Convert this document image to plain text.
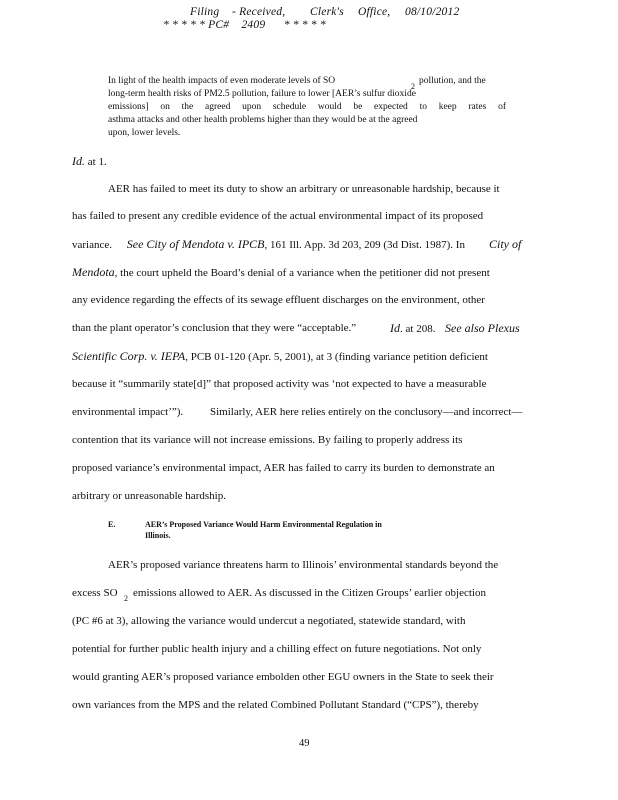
Filing - Received, Clerk's Office, 08/10/2012
* * * * * PC#    2409      * * * * *
In light of the health impacts of even moderate levels of SO
2
pollution, and the
long-term health risks of PM2.5 pollution, failure to lower [AER’s sulfur dioxide
emissions] on the agreed upon schedule would be expected to keep rates of
asthma attacks and other health problems higher than they would be at the agreed
upon, lower levels.
Id. at 1.
AER has failed to meet its duty to show an arbitrary or unreasonable hardship, because it
has failed to present any credible evidence of the actual environmental impact of its proposed
variance. See City of Mendota v. IPCB, 161 Ill. App. 3d 203, 209 (3d Dist. 1987). In City of
Mendota, the court upheld the Board’s denial of a variance when the petitioner did not present
any evidence regarding the effects of its sewage effluent discharges on the environment, other
than the plant operator’s conclusion that they were “acceptable.”	Id. at 208. See also Plexus
Scientific Corp. v. IEPA, PCB 01-120 (Apr. 5, 2001), at 3 (finding variance petition deficient
because it “summarily state[d]” that proposed activity was ‘not expected to have a measurable
environmental impact’”). Similarly, AER here relies entirely on the conclusory—and incorrect—
contention that its variance will not increase emissions. By failing to properly address its
proposed variance’s environmental impact, AER has failed to carry its burden to demonstrate an
arbitrary or unreasonable hardship.
E.	AER’s Proposed Variance Would Harm Environmental Regulation in
Illinois.
AER’s proposed variance threatens harm to Illinois’ environmental standards beyond the
excess SO 2 emissions allowed to AER. As discussed in the Citizen Groups’ earlier objection
(PC #6 at 3), allowing the variance would undercut a negotiated, statewide standard, with
potential for further public health injury and a chilling effect on future negotiations. Not only
would granting AER’s proposed variance embolden other EGU owners in the State to seek their
own variances from the MPS and the related Combined Pollutant Standard (“CPS”), thereby
49
